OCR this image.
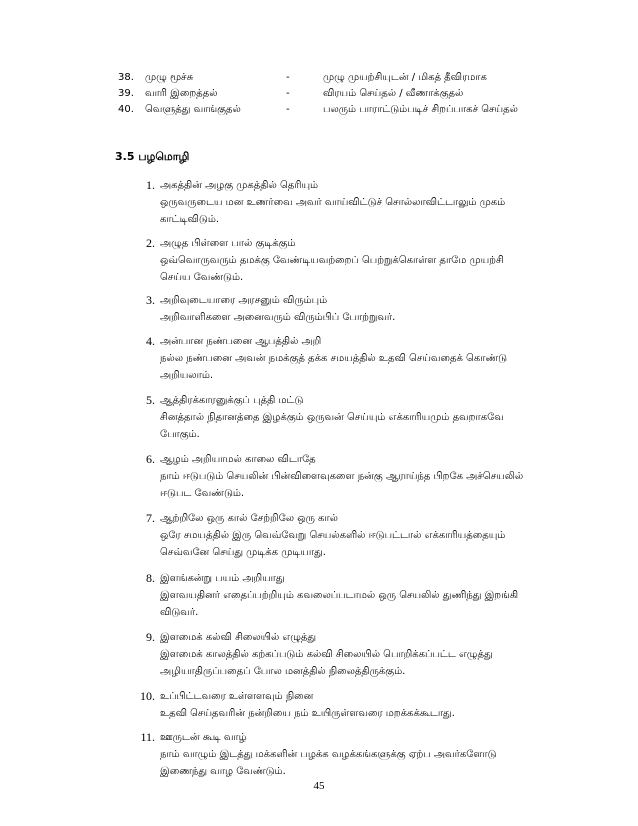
38. முழு மூச்சு	-	முழு முயற்சியுடன் / மிகத் தீவிரமாக
39. வாரி இறைத்தல்	-	விரயம் செய்தல் / வீணாக்குதல்
40. வெளுத்து வாங்குதல்	-	பலரும் பாராட்டும்படிச் சிறப்பாகச் செய்தல்
3.5 பழமொழி
1. அகத்தின் அழகு முகத்தில் தெரியும்
ஒருவருடைய மன உணர்வை அவர் வாய்விட்டுச் சொல்லாவிட்டாலும் முகம் காட்டிவிடும்.
2. அழுத பிள்ளை பால் குடிக்கும்
ஒவ்வொருவரும் தமக்கு வேண்டியவற்றைப் பெற்றுக்கொள்ள தாமே முயற்சி செய்ய வேண்டும்.
3. அறிவுடையாரை அரசனும் விரும்பும்
அறிவாளிகளை அனைவரும் விரும்பிப் போற்றுவர்.
4. அன்பான நண்பனை ஆபத்தில் அறி
நல்ல நண்பனை அவன் நமக்குத் தக்க சமயத்தில் உதவி செய்வதைக் கொண்டு அறியலாம்.
5. ஆத்திரக்காரனுக்குப் புத்தி மட்டு
சினத்தால் நிதானத்தை இழக்கும் ஒருவன் செய்யும் எக்காரியமும் தவறாகவே போகும்.
6. ஆழம் அறியாமல் காலை விடாதே
நாம் ஈடுபடும் செயலின் பின்விளைவுகளை நன்கு ஆராய்ந்த பிறகே அச்செயலில் ஈடுபட வேண்டும்.
7. ஆற்றிலே ஒரு கால் சேற்றிலே ஒரு கால்
ஒரே சமயத்தில் இரு வெவ்வேறு செயல்களில் ஈடுபட்டால் எக்காரியத்தையும் செவ்வனே செய்து முடிக்க முடியாது.
8. இளங்கன்று பயம் அறியாது
இளவயதினர் எதைப்பற்றியும் கவலைப்படாமல் ஒரு செயலில் துணிந்து இறங்கி விடுவர்.
9. இளமைக் கல்வி சிலையில் எழுத்து
இளமைக் காலத்தில் கற்கப்படும் கல்வி சிலையில் பொறிக்கப்பட்ட எழுத்து அழியாதிருப்பதைப் போல மனத்தில் நிலைத்திருக்கும்.
10. உப்பிட்டவரை உள்ளளவும் நினை
உதவி செய்தவரின் நன்றியை நம் உயிருள்ளவரை மறக்கக்கூடாது.
11. ஊருடன் கூடி வாழ்
நாம் வாழும் இடத்து மக்களின் பழக்க வழக்கங்களுக்கு ஏற்ப அவர்களோடு இணைந்து வாழ வேண்டும்.
45
